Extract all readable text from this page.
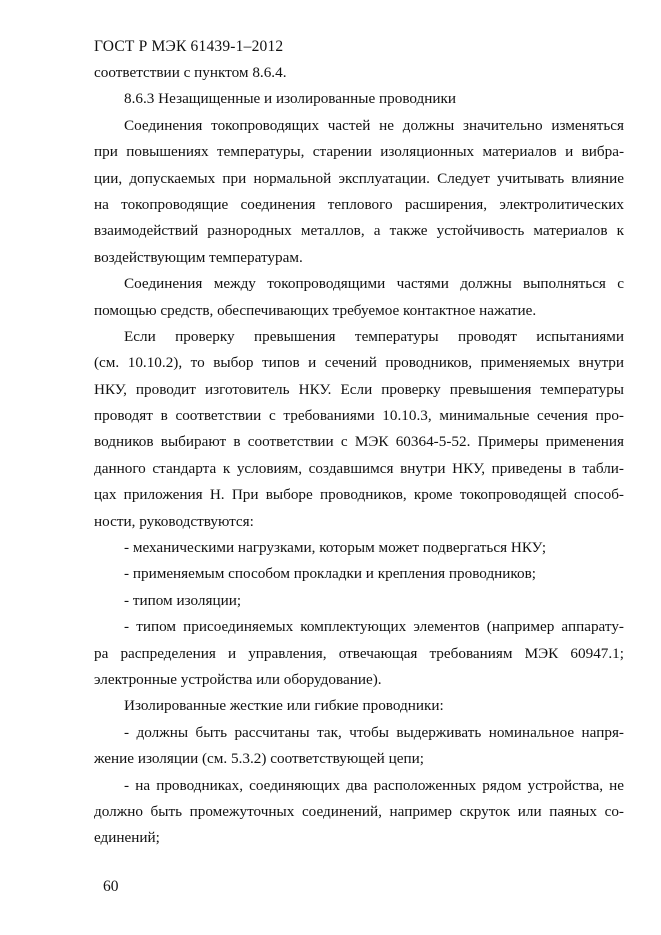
ГОСТ Р МЭК 61439-1–2012
соответствии с пунктом 8.6.4.
8.6.3 Незащищенные и изолированные проводники
Соединения токопроводящих частей не должны значительно изменяться
при повышениях температуры, старении изоляционных материалов и вибра-
ции, допускаемых при нормальной эксплуатации. Следует учитывать влияние
на токопроводящие соединения теплового расширения, электролитических
взаимодействий разнородных металлов, а также устойчивость материалов к
воздействующим температурам.
Соединения между токопроводящими частями должны выполняться с
помощью средств, обеспечивающих требуемое контактное нажатие.
Если проверку превышения температуры проводят испытаниями
(см. 10.10.2), то выбор типов и сечений проводников, применяемых внутри
НКУ, проводит изготовитель НКУ. Если проверку превышения температуры
проводят в соответствии с требованиями 10.10.3, минимальные сечения про-
водников выбирают в соответствии с МЭК 60364-5-52. Примеры применения
данного стандарта к условиям, создавшимся внутри НКУ, приведены в табли-
цах приложения Н. При выборе проводников, кроме токопроводящей способ-
ности, руководствуются:
- механическими нагрузками, которым может подвергаться НКУ;
- применяемым способом прокладки и крепления проводников;
- типом изоляции;
- типом присоединяемых комплектующих элементов (например аппарату-
ра распределения и управления, отвечающая требованиям МЭК 60947.1;
электронные устройства или оборудование).
Изолированные жесткие или гибкие проводники:
- должны быть рассчитаны так, чтобы выдерживать номинальное напря-
жение изоляции (см. 5.3.2) соответствующей цепи;
- на проводниках, соединяющих два расположенных рядом устройства, не
должно быть промежуточных соединений, например скруток или паяных со-
единений;
60
